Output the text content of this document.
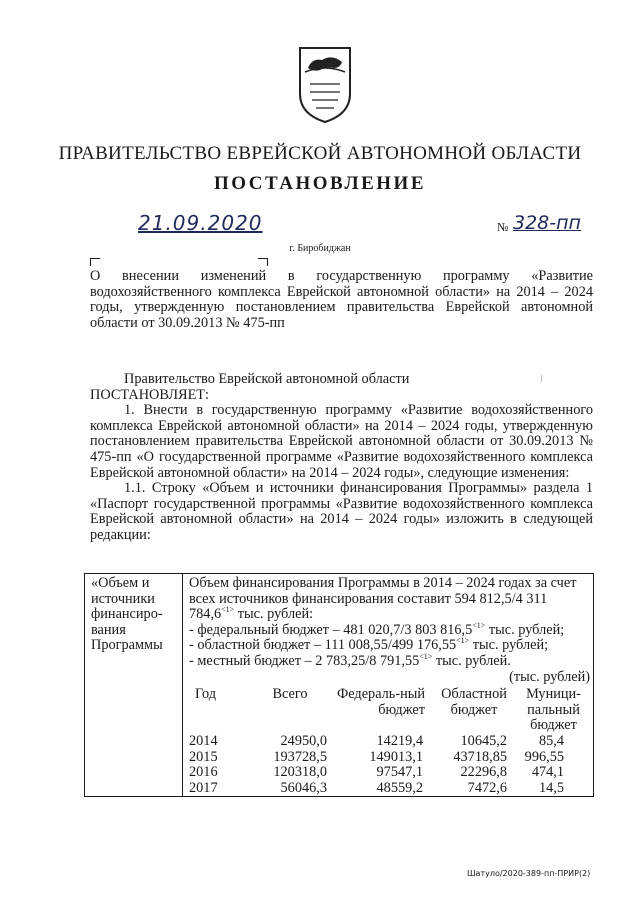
ПРАВИТЕЛЬСТВО ЕВРЕЙСКОЙ АВТОНОМНОЙ ОБЛАСТИ
ПОСТАНОВЛЕНИЕ
21.09.2020	№ 328-пп
г. Биробиджан
О внесении изменений в государственную программу «Развитие водохозяйственного комплекса Еврейской автономной области» на 2014 – 2024 годы, утвержденную постановлением правительства Еврейской автономной области от 30.09.2013 № 475-пп

Правительство Еврейской автономной области

ПОСТАНОВЛЯЕТ:

1. Внести в государственную программу «Развитие водохозяйственного комплекса Еврейской автономной области» на 2014 – 2024 годы, утвержденную постановлением правительства Еврейской автономной области от 30.09.2013 № 475-пп «О государственной программе «Развитие водохозяйственного комплекса Еврейской автономной области» на 2014 – 2024 годы», следующие изменения:

1.1. Строку «Объем и источники финансирования Программы» раздела 1 «Паспорт государственной программы «Развитие водохозяйственного комплекса Еврейской автономной области» на 2014 – 2024 годы» изложить в следующей редакции:

«Объем и источники финансиро-вания Программы	

Объем финансирования Программы в 2014 – 2024 годах за счет всех источников финансирования составит 594 812,5/4 311 $784,6^{<1>}$ тыс. рублей:

- федеральный бюджет – 481 020,7/3 803 $816,5^{<1>}$ тыс. рублей;

- областной бюджет – 111 008,55/499 $176,55^{<1>}$ тыс. рублей;

- местный бюджет – 2 783,25/8 $791,55^{<1>}$ тыс. рублей.

(тыс. рублей)

Год	Всего	Федераль-ный бюджет	Областной бюджет	Муници-пальный бюджет
2014	24950,0	14219,4	10645,2	85,4
2015	193728,5	149013,1	43718,85	996,55
2016	120318,0	97547,1	22296,8	474,1
2017	56046,3	48559,2	7472,6	14,5
Шатуло/2020-389-пп-ПРИР(2)
